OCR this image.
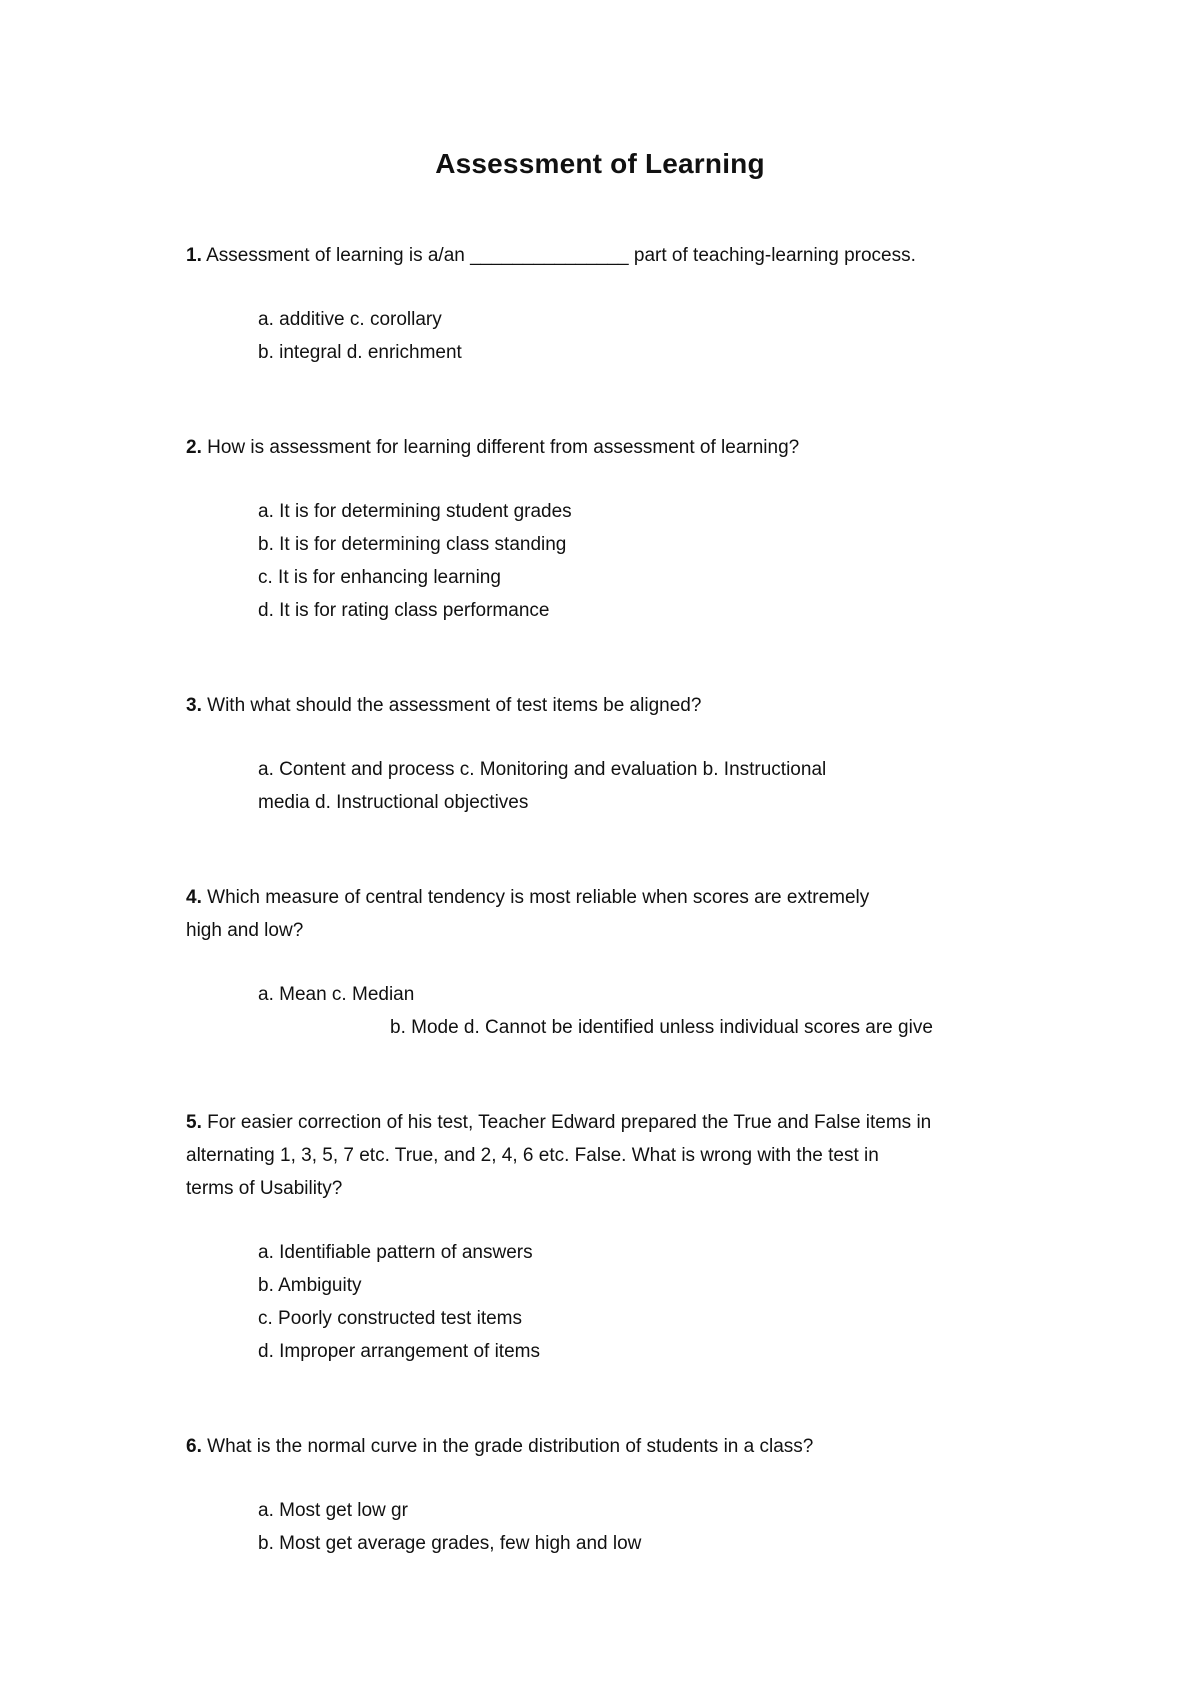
Assessment of Learning
1. Assessment of learning is a/an _______________ part of teaching-learning process.
a. additive c. corollary
b. integral d. enrichment
2. How is assessment for learning different from assessment of learning?
a. It is for determining student grades
b. It is for determining class standing
c. It is for enhancing learning
d. It is for rating class performance
3. With what should the assessment of test items be aligned?
a. Content and process c. Monitoring and evaluation b. Instructional
media d. Instructional objectives
4. Which measure of central tendency is most reliable when scores are extremely
high and low?
a. Mean c. Median
b. Mode d. Cannot be identified unless individual scores are give
5. For easier correction of his test, Teacher Edward prepared the True and False items in
alternating 1, 3, 5, 7 etc. True, and 2, 4, 6 etc. False. What is wrong with the test in
terms of Usability?
a. Identifiable pattern of answers
b. Ambiguity
c. Poorly constructed test items
d. Improper arrangement of items
6. What is the normal curve in the grade distribution of students in a class?
a. Most get low gr
b. Most get average grades, few high and low
